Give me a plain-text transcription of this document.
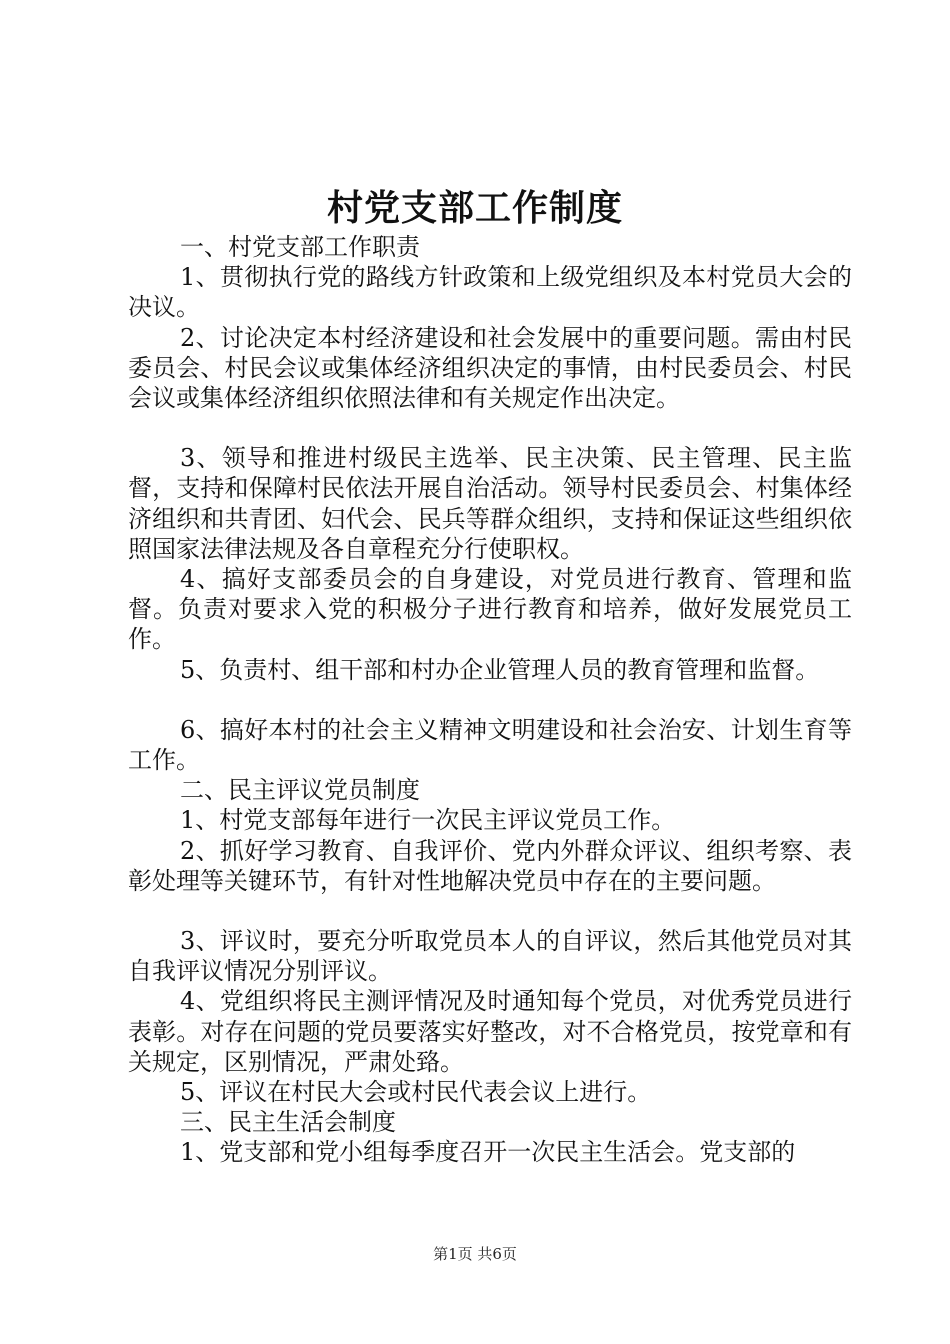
村党支部工作制度

一、村党支部工作职责

1、贯彻执行党的路线方针政策和上级党组织及本村党员大会的决议。

2、讨论决定本村经济建设和社会发展中的重要问题。需由村民委员会、村民会议或集体经济组织决定的事情，由村民委员会、村民会议或集体经济组织依照法律和有关规定作出决定。

3、领导和推进村级民主选举、民主决策、民主管理、民主监督，支持和保障村民依法开展自治活动。领导村民委员会、村集体经济组织和共青团、妇代会、民兵等群众组织，支持和保证这些组织依照国家法律法规及各自章程充分行使职权。

4、搞好支部委员会的自身建设，对党员进行教育、管理和监督。负责对要求入党的积极分子进行教育和培养，做好发展党员工作。

5、负责村、组干部和村办企业管理人员的教育管理和监督。

6、搞好本村的社会主义精神文明建设和社会治安、计划生育等工作。

二、民主评议党员制度

1、村党支部每年进行一次民主评议党员工作。

2、抓好学习教育、自我评价、党内外群众评议、组织考察、表彰处理等关键环节，有针对性地解决党员中存在的主要问题。

3、评议时，要充分听取党员本人的自评议，然后其他党员对其自我评议情况分别评议。

4、党组织将民主测评情况及时通知每个党员，对优秀党员进行表彰。对存在问题的党员要落实好整改，对不合格党员，按党章和有关规定，区别情况，严肃处臵。

5、评议在村民大会或村民代表会议上进行。

三、民主生活会制度

1、党支部和党小组每季度召开一次民主生活会。党支部的

第1页 共6页
